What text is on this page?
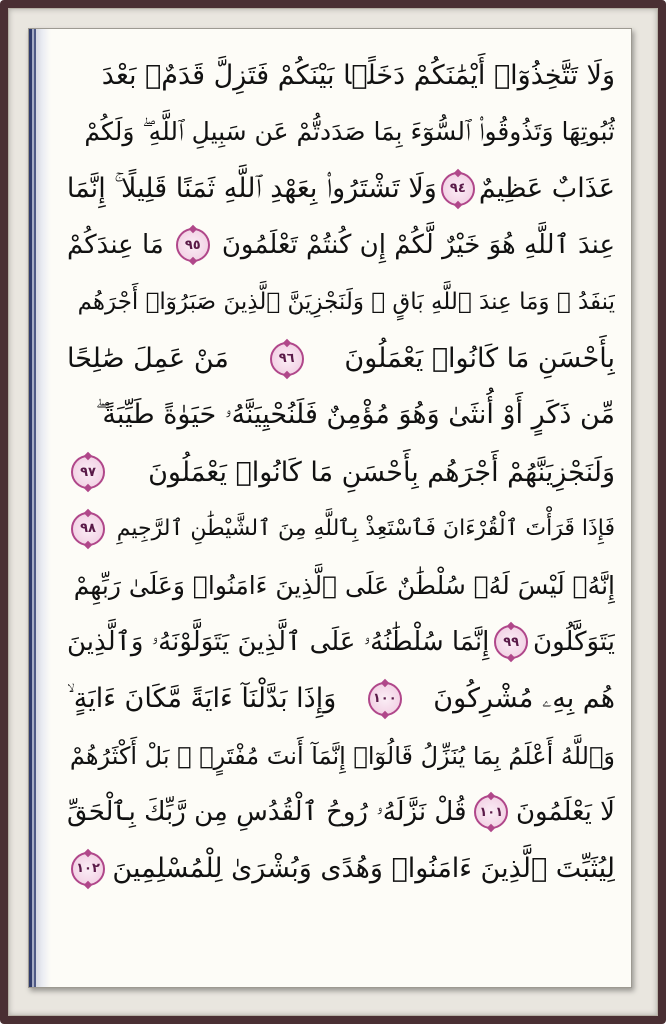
وَلَا تَتَّخِذُوٓا۟ أَيْمَٰنَكُمْ دَخَلًۢا بَيْنَكُمْ فَتَزِلَّ قَدَمٌۢ بَعْدَ
ثُبُوتِهَا وَتَذُوقُوا۟ ٱلسُّوٓءَ بِمَا صَدَدتُّمْ عَن سَبِيلِ ٱللَّهِ ۖ وَلَكُمْ
عَذَابٌ عَظِيمٌ
٩٤
وَلَا تَشْتَرُوا۟ بِعَهْدِ ٱللَّهِ ثَمَنًا قَلِيلًا ۚ إِنَّمَا
عِندَ ٱللَّهِ هُوَ خَيْرٌ لَّكُمْ إِن كُنتُمْ تَعْلَمُونَ
٩٥
مَا عِندَكُمْ
يَنفَدُ ۖ وَمَا عِندَ ٱللَّهِ بَاقٍ ۗ وَلَنَجْزِيَنَّ ٱلَّذِينَ صَبَرُوٓا۟ أَجْرَهُم
بِأَحْسَنِ مَا كَانُوا۟ يَعْمَلُونَ
٩٦
مَنْ عَمِلَ صَٰلِحًا
مِّن ذَكَرٍ أَوْ أُنثَىٰ وَهُوَ مُؤْمِنٌ فَلَنُحْيِيَنَّهُۥ حَيَوٰةً طَيِّبَةً ۖ
وَلَنَجْزِيَنَّهُمْ أَجْرَهُم بِأَحْسَنِ مَا كَانُوا۟ يَعْمَلُونَ
٩٧
فَإِذَا قَرَأْتَ ٱلْقُرْءَانَ فَٱسْتَعِذْ بِٱللَّهِ مِنَ ٱلشَّيْطَٰنِ ٱلرَّجِيمِ
٩٨
إِنَّهُۥ لَيْسَ لَهُۥ سُلْطَٰنٌ عَلَى ٱلَّذِينَ ءَامَنُوا۟ وَعَلَىٰ رَبِّهِمْ
يَتَوَكَّلُونَ
٩٩
إِنَّمَا سُلْطَٰنُهُۥ عَلَى ٱلَّذِينَ يَتَوَلَّوْنَهُۥ وَٱلَّذِينَ
هُم بِهِۦ مُشْرِكُونَ
١٠٠
وَإِذَا بَدَّلْنَآ ءَايَةً مَّكَانَ ءَايَةٍ ۙ
وَٱللَّهُ أَعْلَمُ بِمَا يُنَزِّلُ قَالُوٓا۟ إِنَّمَآ أَنتَ مُفْتَرٍۭ ۚ بَلْ أَكْثَرُهُمْ
لَا يَعْلَمُونَ
١٠١
قُلْ نَزَّلَهُۥ رُوحُ ٱلْقُدُسِ مِن رَّبِّكَ بِٱلْحَقِّ
لِيُثَبِّتَ ٱلَّذِينَ ءَامَنُوا۟ وَهُدًى وَبُشْرَىٰ لِلْمُسْلِمِينَ
١٠٢
